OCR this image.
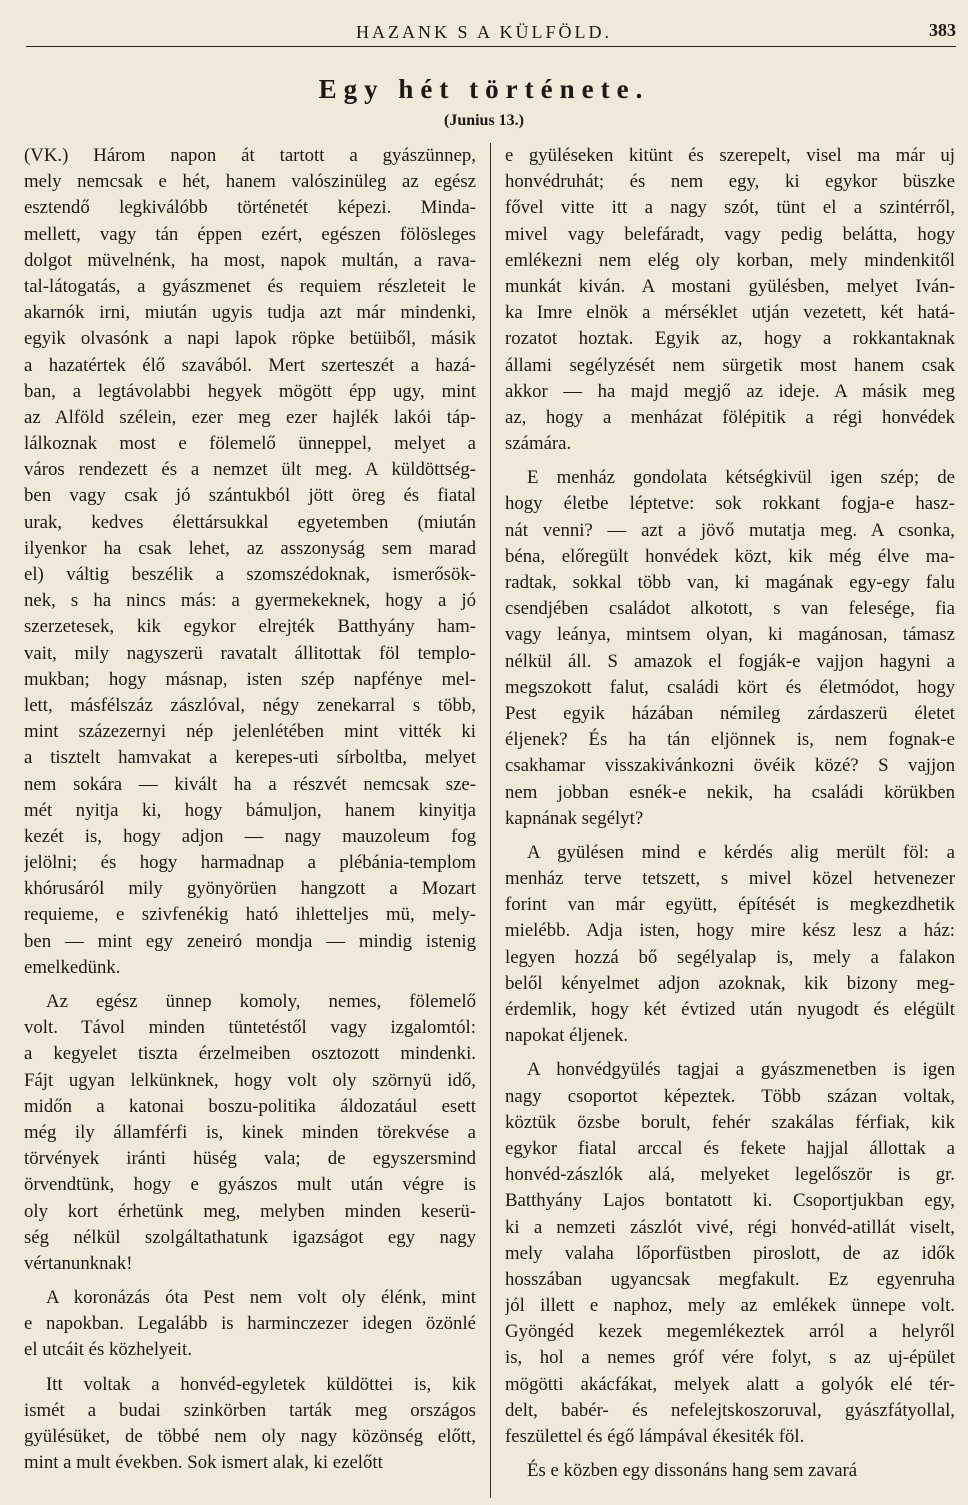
HAZANK S A KÜLFÖLD.	383
Egy hét története.
(Junius 13.)
(VK.) Három napon át tartott a gyászünnep,
mely nemcsak e hét, hanem valószinüleg az egész
esztendő legkiválóbb történetét képezi. Minda-
mellett, vagy tán éppen ezért, egészen fölösleges
dolgot müvelnénk, ha most, napok multán, a rava-
tal-látogatás, a gyászmenet és requiem részleteit le
akarnók irni, miután ugyis tudja azt már mindenki,
egyik olvasónk a napi lapok röpke betüiből, másik
a hazatértek élő szavából. Mert szerteszét a hazá-
ban, a legtávolabbi hegyek mögött épp ugy, mint
az Alföld szélein, ezer meg ezer hajlék lakói táp-
lálkoznak most e fölemelő ünneppel, melyet a
város rendezett és a nemzet ült meg. A küldöttség-
ben vagy csak jó szántukból jött öreg és fiatal
urak, kedves élettársukkal egyetemben (miután
ilyenkor ha csak lehet, az asszonyság sem marad
el) váltig beszélik a szomszédoknak, ismerősök-
nek, s ha nincs más: a gyermekeknek, hogy a jó
szerzetesek, kik egykor elrejték Batthyány ham-
vait, mily nagyszerü ravatalt állitottak föl templo-
mukban; hogy másnap, isten szép napfénye mel-
lett, másfélszáz zászlóval, négy zenekarral s több,
mint százezernyi nép jelenlétében mint vitték ki
a tisztelt hamvakat a kerepes-uti sírboltba, melyet
nem sokára — kivált ha a részvét nemcsak sze-
mét nyitja ki, hogy bámuljon, hanem kinyitja
kezét is, hogy adjon — nagy mauzoleum fog
jelölni; és hogy harmadnap a plébánia-templom
khórusáról mily gyönyörüen hangzott a Mozart
requieme, e szivfenékig ható ihletteljes mü, mely-
ben — mint egy zeneiró mondja — mindig istenig
emelkedünk.
Az egész ünnep komoly, nemes, fölemelő
volt. Távol minden tüntetéstől vagy izgalomtól:
a kegyelet tiszta érzelmeiben osztozott mindenki.
Fájt ugyan lelkünknek, hogy volt oly szörnyü idő,
midőn a katonai boszu-politika áldozatául esett
még ily államférfi is, kinek minden törekvése a
törvények iránti hüség vala; de egyszersmind
örvendtünk, hogy e gyászos mult után végre is
oly kort érhetünk meg, melyben minden keserü-
ség nélkül szolgáltathatunk igazságot egy nagy
vértanunknak!
A koronázás óta Pest nem volt oly élénk, mint
e napokban. Legalább is harminczezer idegen özönlé
el utcáit és közhelyeit.
Itt voltak a honvéd-egyletek küldöttei is, kik
ismét a budai szinkörben tarták meg országos
gyülésüket, de többé nem oly nagy közönség előtt,
mint a mult években. Sok ismert alak, ki ezelőtt
e gyüléseken kitünt és szerepelt, visel ma már uj
honvédruhát; és nem egy, ki egykor büszke
fővel vitte itt a nagy szót, tünt el a szintérről,
mivel vagy belefáradt, vagy pedig belátta, hogy
emlékezni nem elég oly korban, mely mindenkitől
munkát kiván. A mostani gyülésben, melyet Iván-
ka Imre elnök a mérséklet utján vezetett, két hatá-
rozatot hoztak. Egyik az, hogy a rokkantaknak
állami segélyzését nem sürgetik most hanem csak
akkor — ha majd megjő az ideje. A másik meg
az, hogy a menházat fölépitik a régi honvédek
számára.
E menház gondolata kétségkivül igen szép; de
hogy életbe léptetve: sok rokkant fogja-e hasz-
nát venni? — azt a jövő mutatja meg. A csonka,
béna, előregült honvédek közt, kik még élve ma-
radtak, sokkal több van, ki magának egy-egy falu
csendjében családot alkotott, s van felesége, fia
vagy leánya, mintsem olyan, ki magánosan, támasz
nélkül áll. S amazok el fogják-e vajjon hagyni a
megszokott falut, családi kört és életmódot, hogy
Pest egyik házában némileg zárdaszerü életet
éljenek? És ha tán eljönnek is, nem fognak-e
csakhamar visszakivánkozni övéik közé? S vajjon
nem jobban esnék-e nekik, ha családi körükben
kapnának segélyt?
A gyülésen mind e kérdés alig merült föl: a
menház terve tetszett, s mivel közel hetvenezer
forint van már együtt, építését is megkezdhetik
mielébb. Adja isten, hogy mire kész lesz a ház:
legyen hozzá bő segélyalap is, mely a falakon
belől kényelmet adjon azoknak, kik bizony meg-
érdemlik, hogy két évtized után nyugodt és elégült
napokat éljenek.
A honvédgyülés tagjai a gyászmenetben is igen
nagy csoportot képeztek. Több százan voltak,
köztük özsbe borult, fehér szakálas férfiak, kik
egykor fiatal arccal és fekete hajjal állottak a
honvéd-zászlók alá, melyeket legelőször is gr.
Batthyány Lajos bontatott ki. Csoportjukban egy,
ki a nemzeti zászlót vivé, régi honvéd-atillát viselt,
mely valaha lőporfüstben piroslott, de az idők
hosszában ugyancsak megfakult. Ez egyenruha
jól illett e naphoz, mely az emlékek ünnepe volt.
Gyöngéd kezek megemlékeztek arról a helyről
is, hol a nemes gróf vére folyt, s az uj-épület
mögötti akácfákat, melyek alatt a golyók elé tér-
delt, babér- és nefelejtskoszoruval, gyászfátyollal,
feszülettel és égő lámpával ékesiték föl.
És e közben egy dissonáns hang sem zavará
